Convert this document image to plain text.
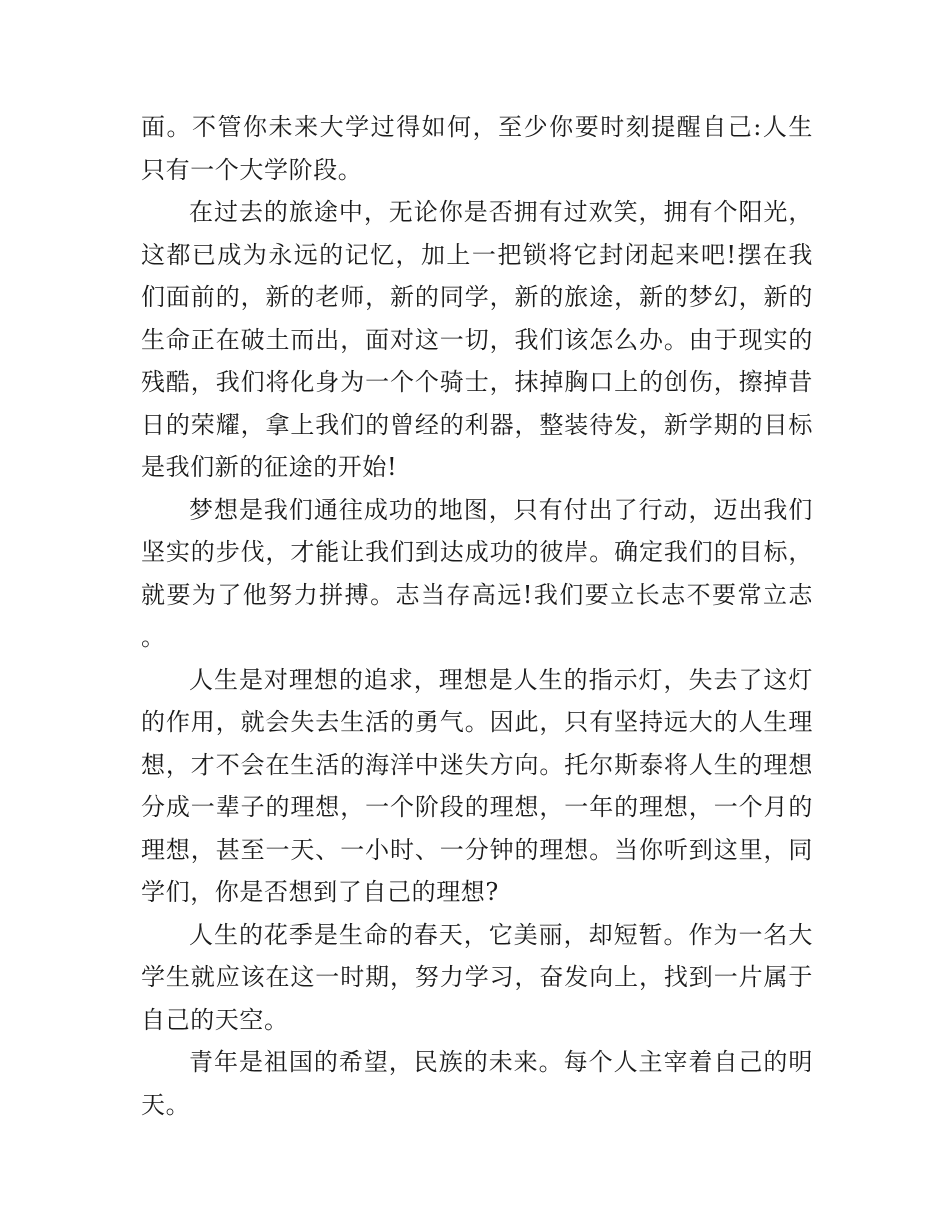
面。不管你未来大学过得如何，至少你要时刻提醒自己:人生只有一个大学阶段。

在过去的旅途中，无论你是否拥有过欢笑，拥有个阳光，这都已成为永远的记忆，加上一把锁将它封闭起来吧!摆在我们面前的，新的老师，新的同学，新的旅途，新的梦幻，新的生命正在破土而出，面对这一切，我们该怎么办。由于现实的残酷，我们将化身为一个个骑士，抹掉胸口上的创伤，擦掉昔日的荣耀，拿上我们的曾经的利器，整装待发，新学期的目标是我们新的征途的开始!

梦想是我们通往成功的地图，只有付出了行动，迈出我们坚实的步伐，才能让我们到达成功的彼岸。确定我们的目标，就要为了他努力拼搏。志当存高远!我们要立长志不要常立志。

人生是对理想的追求，理想是人生的指示灯，失去了这灯的作用，就会失去生活的勇气。因此，只有坚持远大的人生理想，才不会在生活的海洋中迷失方向。托尔斯泰将人生的理想分成一辈子的理想，一个阶段的理想，一年的理想，一个月的理想，甚至一天、一小时、一分钟的理想。当你听到这里，同学们，你是否想到了自己的理想?

人生的花季是生命的春天，它美丽，却短暂。作为一名大学生就应该在这一时期，努力学习，奋发向上，找到一片属于自己的天空。

青年是祖国的希望，民族的未来。每个人主宰着自己的明天。
